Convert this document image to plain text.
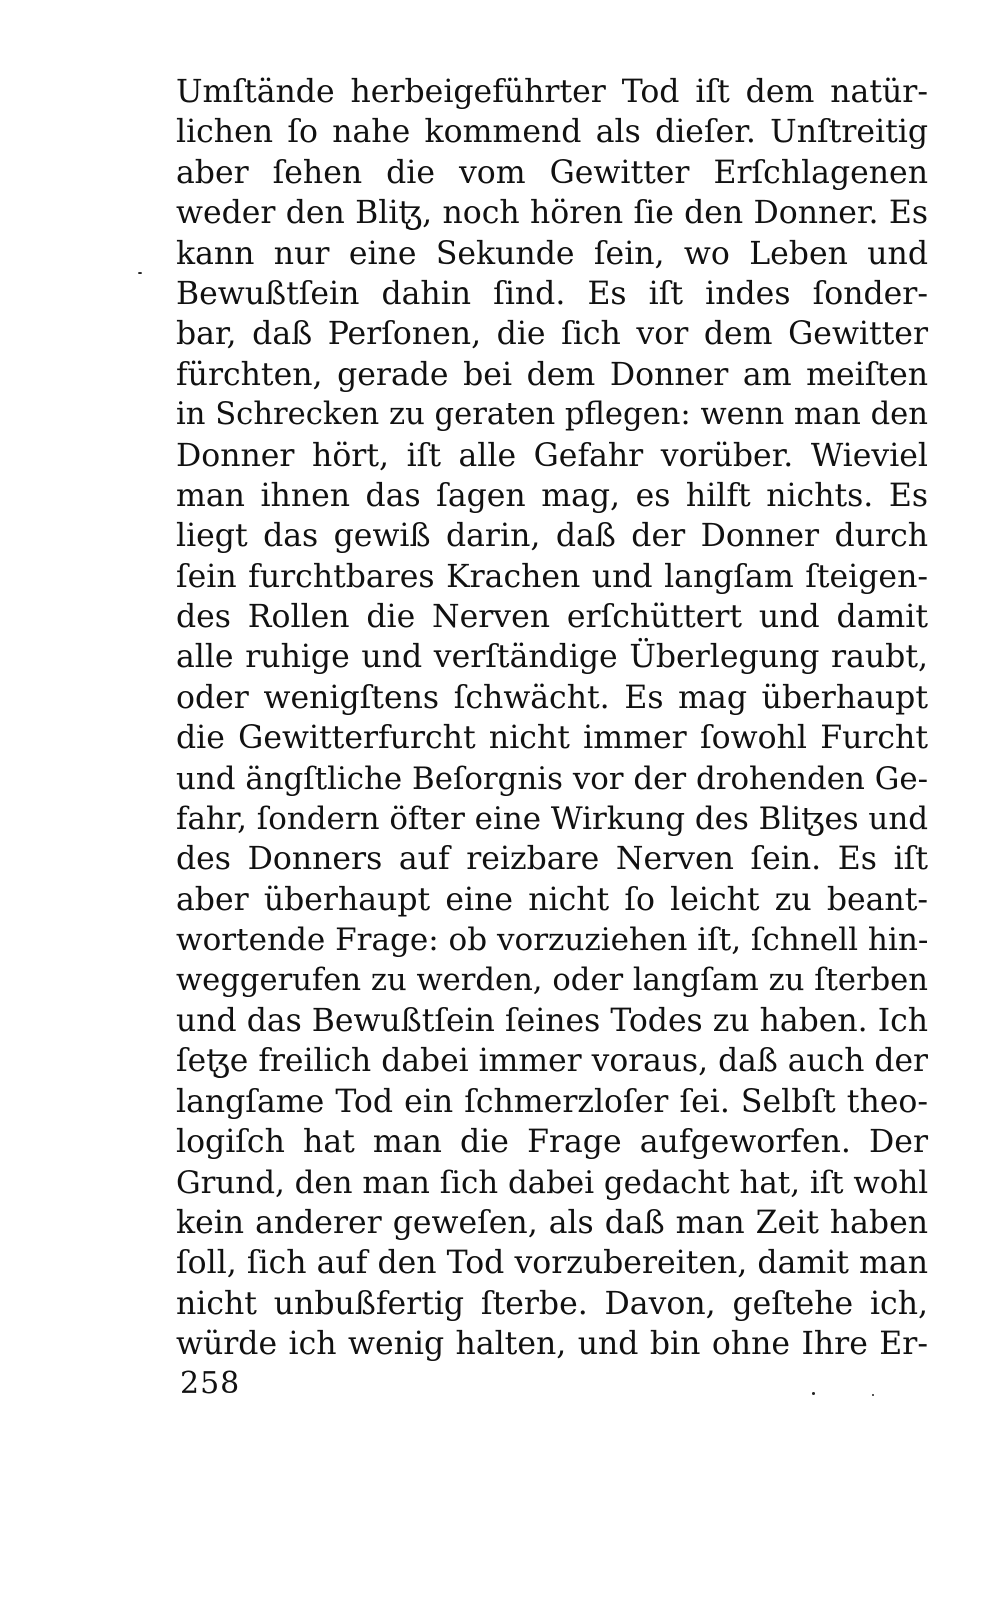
Umſtände herbeigeführter Tod iſt dem natür-
lichen ſo nahe kommend als dieſer. Unſtreitig
aber ſehen die vom Gewitter Erſchlagenen
weder den Bliꜩ, noch hören ſie den Donner. Es
kann nur eine Sekunde ſein, wo Leben und
Bewußtſein dahin ſind. Es iſt indes ſonder-
bar, daß Perſonen, die ſich vor dem Gewitter
fürchten, gerade bei dem Donner am meiſten
in Schrecken zu geraten pflegen: wenn man den
Donner hört, iſt alle Gefahr vorüber. Wieviel
man ihnen das ſagen mag, es hilft nichts. Es
liegt das gewiß darin, daß der Donner durch
ſein furchtbares Krachen und langſam ſteigen-
des Rollen die Nerven erſchüttert und damit
alle ruhige und verſtändige Überlegung raubt,
oder wenigſtens ſchwächt. Es mag überhaupt
die Gewitterfurcht nicht immer ſowohl Furcht
und ängſtliche Beſorgnis vor der drohenden Ge-
fahr, ſondern öfter eine Wirkung des Bliꜩes und
des Donners auf reizbare Nerven ſein. Es iſt
aber überhaupt eine nicht ſo leicht zu beant-
wortende Frage: ob vorzuziehen iſt, ſchnell hin-
weggerufen zu werden, oder langſam zu ſterben
und das Bewußtſein ſeines Todes zu haben. Ich
ſeꜩe freilich dabei immer voraus, daß auch der
langſame Tod ein ſchmerzloſer ſei. Selbſt theo-
logiſch hat man die Frage aufgeworfen. Der
Grund, den man ſich dabei gedacht hat, iſt wohl
kein anderer geweſen, als daß man Zeit haben
ſoll, ſich auf den Tod vorzubereiten, damit man
nicht unbußfertig ſterbe. Davon, geſtehe ich,
würde ich wenig halten, und bin ohne Ihre Er-
258
